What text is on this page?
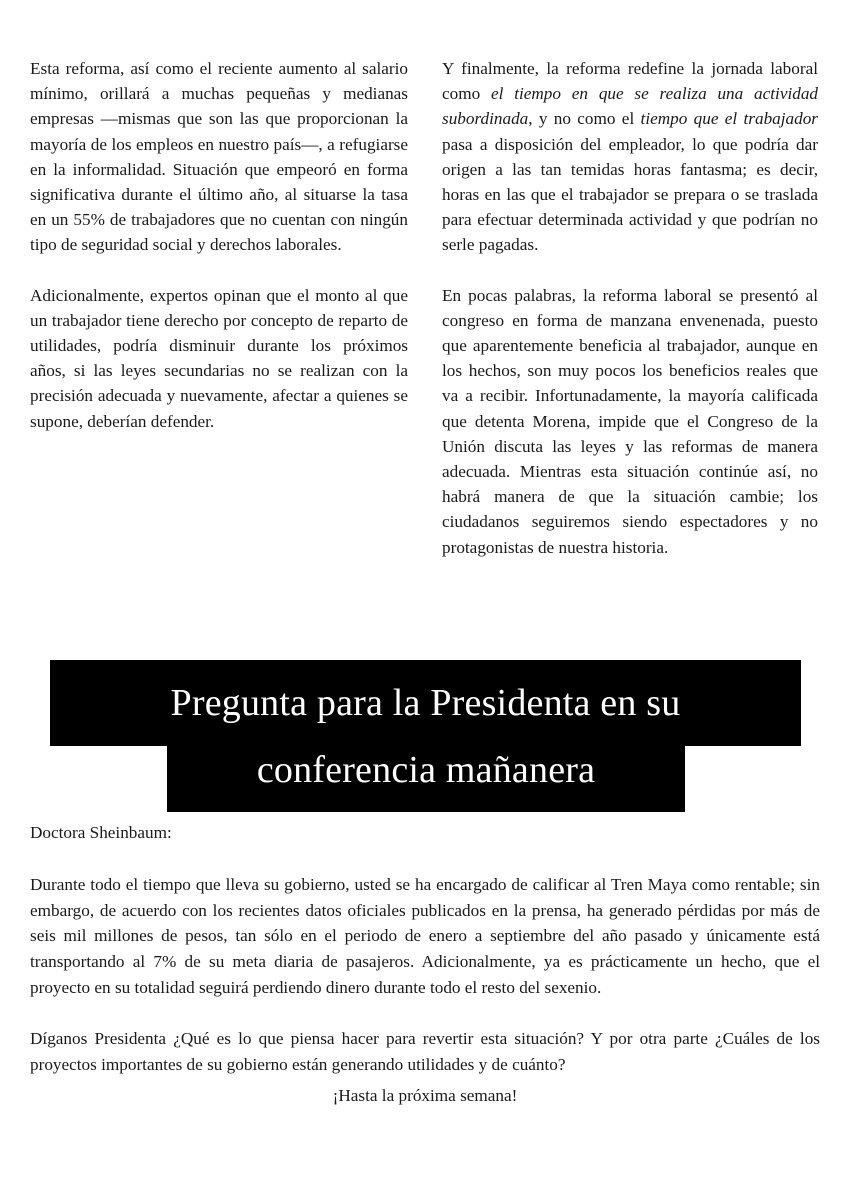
Esta reforma, así como el reciente aumento al salario mínimo, orillará a muchas pequeñas y medianas empresas —mismas que son las que proporcionan la mayoría de los empleos en nuestro país—, a refugiarse en la informalidad. Situación que empeoró en forma significativa durante el último año, al situarse la tasa en un 55% de trabajadores que no cuentan con ningún tipo de seguridad social y derechos laborales.

Adicionalmente, expertos opinan que el monto al que un trabajador tiene derecho por concepto de reparto de utilidades, podría disminuir durante los próximos años, si las leyes secundarias no se realizan con la precisión adecuada y nuevamente, afectar a quienes se supone, deberían defender.

Y finalmente, la reforma redefine la jornada laboral como el tiempo en que se realiza una actividad subordinada, y no como el tiempo que el trabajador pasa a disposición del empleador, lo que podría dar origen a las tan temidas horas fantasma; es decir, horas en las que el trabajador se prepara o se traslada para efectuar determinada actividad y que podrían no serle pagadas.

En pocas palabras, la reforma laboral se presentó al congreso en forma de manzana envenenada, puesto que aparentemente beneficia al trabajador, aunque en los hechos, son muy pocos los beneficios reales que va a recibir. Infortunadamente, la mayoría calificada que detenta Morena, impide que el Congreso de la Unión discuta las leyes y las reformas de manera adecuada. Mientras esta situación continúe así, no habrá manera de que la situación cambie; los ciudadanos seguiremos siendo espectadores y no protagonistas de nuestra historia.

Pregunta para la Presidenta en su
conferencia mañanera

Doctora Sheinbaum:

Durante todo el tiempo que lleva su gobierno, usted se ha encargado de calificar al Tren Maya como rentable; sin embargo, de acuerdo con los recientes datos oficiales publicados en la prensa, ha generado pérdidas por más de seis mil millones de pesos, tan sólo en el periodo de enero a septiembre del año pasado y únicamente está transportando al 7% de su meta diaria de pasajeros. Adicionalmente, ya es prácticamente un hecho, que el proyecto en su totalidad seguirá perdiendo dinero durante todo el resto del sexenio.

Díganos Presidenta ¿Qué es lo que piensa hacer para revertir esta situación? Y por otra parte ¿Cuáles de los proyectos importantes de su gobierno están generando utilidades y de cuánto?

¡Hasta la próxima semana!
